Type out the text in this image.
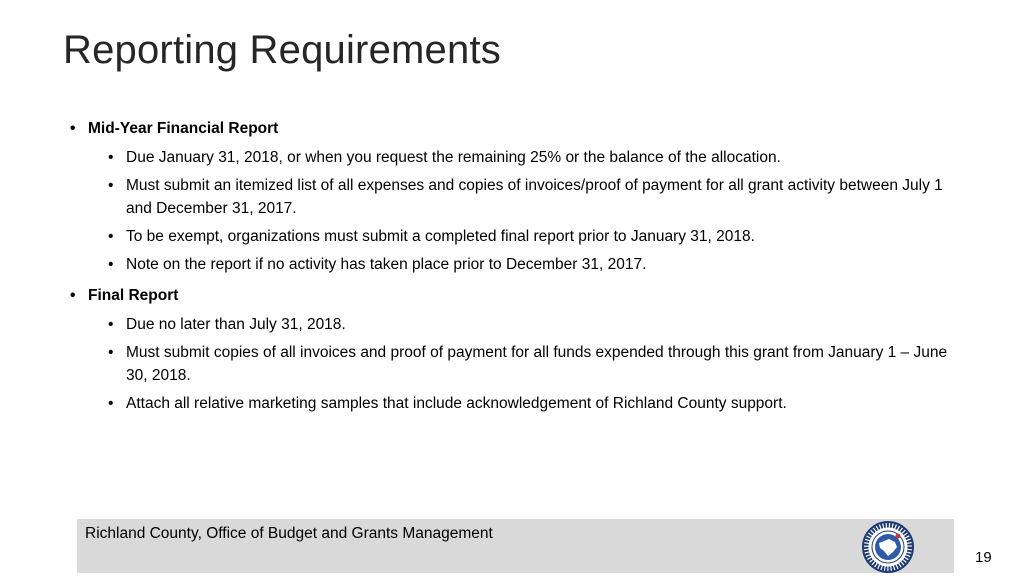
Reporting Requirements
• Mid-Year Financial Report
• Due January 31, 2018, or when you request the remaining 25% or the balance of the allocation.
• Must submit an itemized list of all expenses and copies of invoices/proof of payment for all grant activity between July 1 and December 31, 2017.
• To be exempt, organizations must submit a completed final report prior to January 31, 2018.
• Note on the report if no activity has taken place prior to December 31, 2017.
• Final Report
• Due no later than July 31, 2018.
• Must submit copies of all invoices and proof of payment for all funds expended through this grant from January 1 – June 30, 2018.
• Attach all relative marketing samples that include acknowledgement of Richland County support.
Richland County, Office of Budget and Grants Management
19
